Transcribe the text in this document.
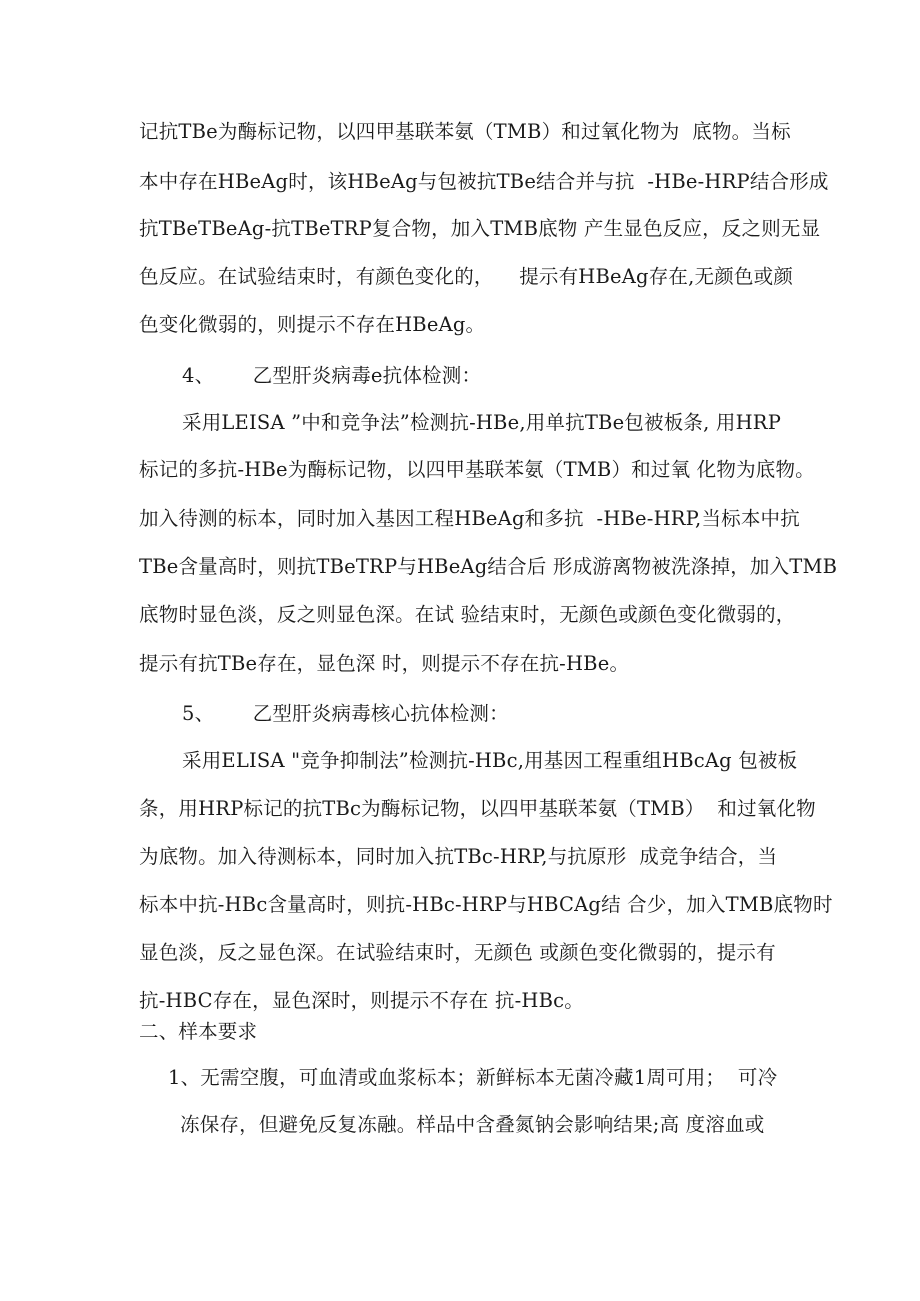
记抗TBe为酶标记物，以四甲基联苯氨（TMB）和过氧化物为  底物。当标

本中存在HBeAg时，该HBeAg与包被抗TBe结合并与抗  -HBe-HRP结合形成

抗TBeTBeAg-抗TBeTRP复合物，加入TMB底物 产生显色反应，反之则无显

色反应。在试验结束时，有颜色变化的，    提示有HBeAg存在,无颜色或颜

色变化微弱的，则提示不存在HBeAg。

4、      乙型肝炎病毒e抗体检测：

采用LEISA ”中和竞争法”检测抗-HBe,用单抗TBe包被板条, 用HRP

标记的多抗-HBe为酶标记物，以四甲基联苯氨（TMB）和过氧 化物为底物。

加入待测的标本，同时加入基因工程HBeAg和多抗  -HBe-HRP,当标本中抗

TBe含量高时，则抗TBeTRP与HBeAg结合后 形成游离物被洗涤掉，加入TMB

底物时显色淡，反之则显色深。在试 验结束时，无颜色或颜色变化微弱的，

提示有抗TBe存在，显色深 时，则提示不存在抗-HBe。

5、      乙型肝炎病毒核心抗体检测：

采用ELISA "竞争抑制法”检测抗-HBc,用基因工程重组HBcAg 包被板

条，用HRP标记的抗TBc为酶标记物，以四甲基联苯氨（TMB）  和过氧化物

为底物。加入待测标本，同时加入抗TBc-HRP,与抗原形  成竞争结合，当

标本中抗-HBc含量高时，则抗-HBc-HRP与HBCAg结 合少，加入TMB底物时

显色淡，反之显色深。在试验结束时，无颜色 或颜色变化微弱的，提示有

抗-HBC存在，显色深时，则提示不存在 抗-HBc。

二、样本要求

1、无需空腹，可血清或血浆标本；新鲜标本无菌冷藏1周可用；  可冷

冻保存，但避免反复冻融。样品中含叠氮钠会影响结果;高 度溶血或
